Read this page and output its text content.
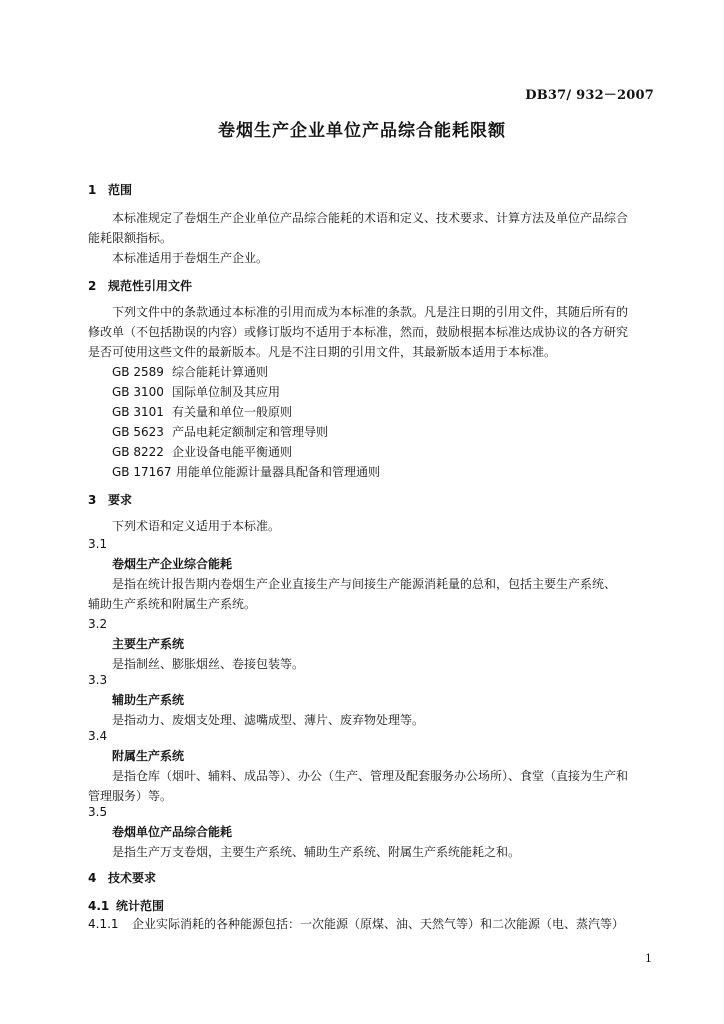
DB37/ 932－2007
卷烟生产企业单位产品综合能耗限额
1 范围
本标准规定了卷烟生产企业单位产品综合能耗的术语和定义、技术要求、计算方法及单位产品综合
能耗限额指标。
本标准适用于卷烟生产企业。
2 规范性引用文件
下列文件中的条款通过本标准的引用而成为本标准的条款。凡是注日期的引用文件，其随后所有的
修改单（不包括勘误的内容）或修订版均不适用于本标准，然而，鼓励根据本标准达成协议的各方研究
是否可使用这些文件的最新版本。凡是不注日期的引用文件，其最新版本适用于本标准。
GB 2589 综合能耗计算通则
GB 3100 国际单位制及其应用
GB 3101 有关量和单位一般原则
GB 5623 产品电耗定额制定和管理导则
GB 8222 企业设备电能平衡通则
GB 17167 用能单位能源计量器具配备和管理通则
3 要求
下列术语和定义适用于本标准。
3.1
卷烟生产企业综合能耗
是指在统计报告期内卷烟生产企业直接生产与间接生产能源消耗量的总和，包括主要生产系统、
辅助生产系统和附属生产系统。
3.2
主要生产系统
是指制丝、膨胀烟丝、卷接包装等。
3.3
辅助生产系统
是指动力、废烟支处理、滤嘴成型、薄片、废弃物处理等。
3.4
附属生产系统
是指仓库（烟叶、辅料、成品等）、办公（生产、管理及配套服务办公场所）、食堂（直接为生产和
管理服务）等。
3.5
卷烟单位产品综合能耗
是指生产万支卷烟，主要生产系统、辅助生产系统、附属生产系统能耗之和。
4 技术要求
4.1 统计范围
4.1.1 企业实际消耗的各种能源包括：一次能源（原煤、油、天然气等）和二次能源（电、蒸汽等）
1
